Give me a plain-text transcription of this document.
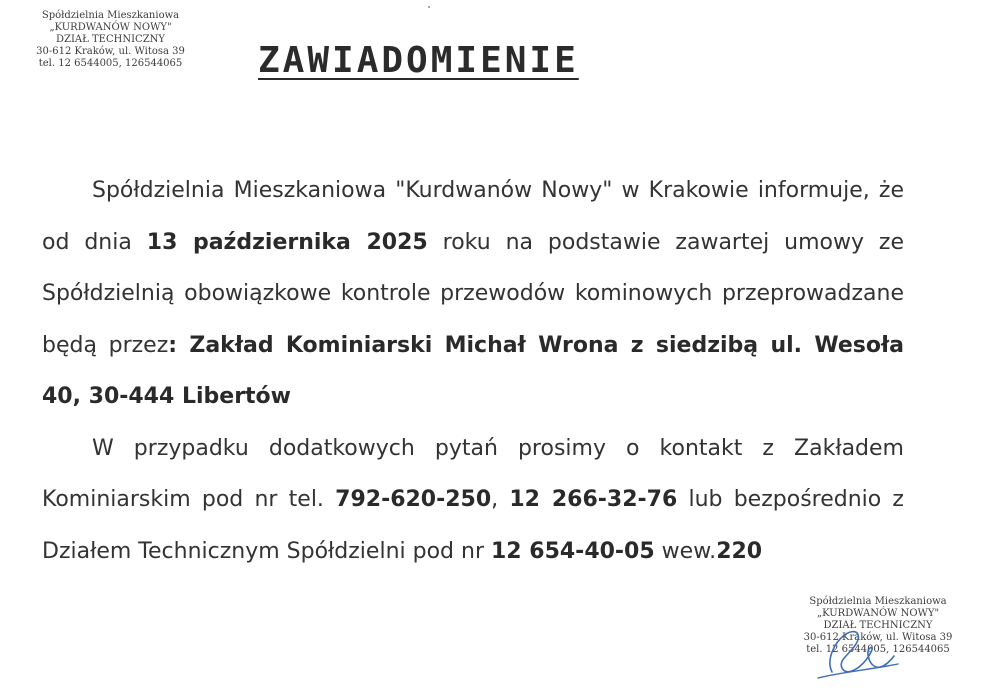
Spółdzielnia Mieszkaniowa
„KURDWANÓW NOWY"
DZIAŁ TECHNICZNY
30-612 Kraków, ul. Witosa 39
tel. 12 6544005, 126544065	ZAWIADOMIENIE

Spółdzielnia Mieszkaniowa "Kurdwanów Nowy" w Krakowie informuje, że od dnia 13 października 2025 roku na podstawie zawartej umowy ze Spółdzielnią obowiązkowe kontrole przewodów kominowych przeprowadzane będą przez: Zakład Kominiarski Michał Wrona z siedzibą ul. Wesoła 40, 30-444 Libertów

W przypadku dodatkowych pytań prosimy o kontakt z Zakładem Kominiarskim pod nr tel. 792-620-250, 12 266-32-76 lub bezpośrednio z Działem Technicznym Spółdzielni pod nr 12 654-40-05 wew.220

Spółdzielnia Mieszkaniowa
„KURDWANÓW NOWY"
DZIAŁ TECHNICZNY
30-612 Kraków, ul. Witosa 39
tel. 12 6544005, 126544065
